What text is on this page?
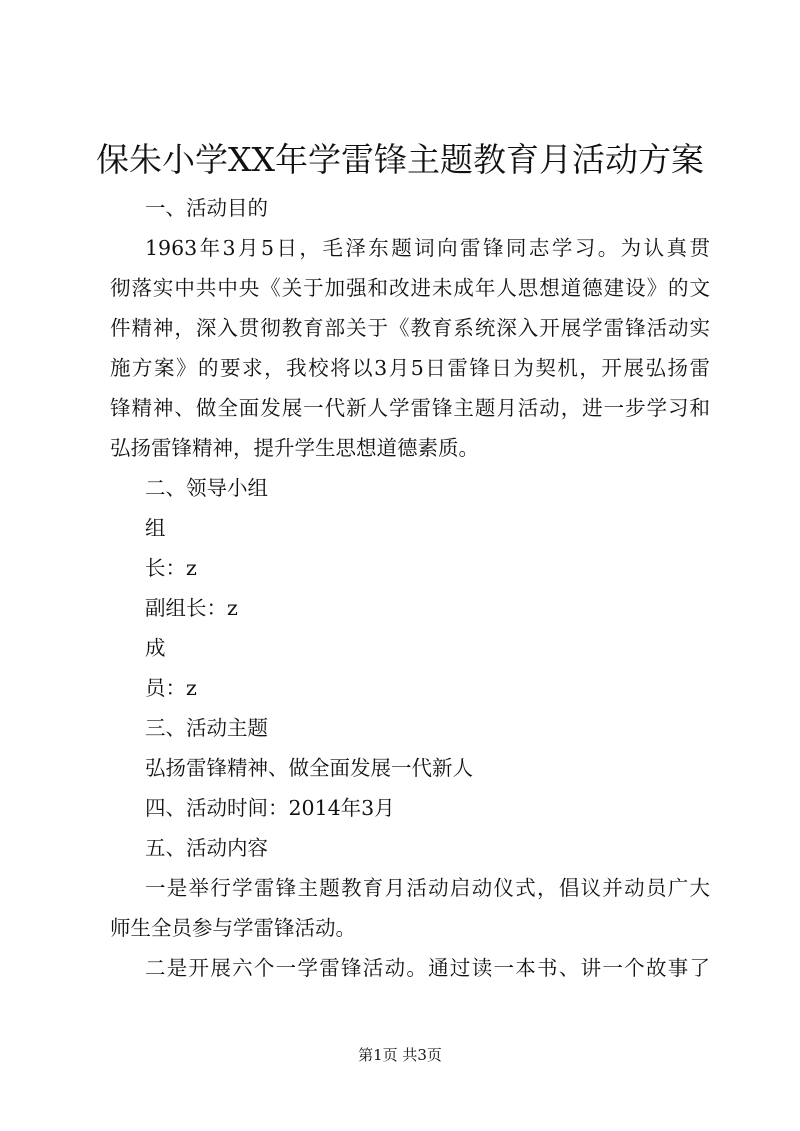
保朱小学XX年学雷锋主题教育月活动方案
一、活动目的
1963年3月5日，毛泽东题词向雷锋同志学习。为认真贯
彻落实中共中央《关于加强和改进未成年人思想道德建设》的文
件精神，深入贯彻教育部关于《教育系统深入开展学雷锋活动实
施方案》的要求，我校将以3月5日雷锋日为契机，开展弘扬雷
锋精神、做全面发展一代新人学雷锋主题月活动，进一步学习和
弘扬雷锋精神，提升学生思想道德素质。
二、领导小组
组
长：z
副组长：z
成
员：z
三、活动主题
弘扬雷锋精神、做全面发展一代新人
四、活动时间：2014年3月
五、活动内容
一是举行学雷锋主题教育月活动启动仪式，倡议并动员广大
师生全员参与学雷锋活动。
二是开展六个一学雷锋活动。通过读一本书、讲一个故事了
第1页 共3页
